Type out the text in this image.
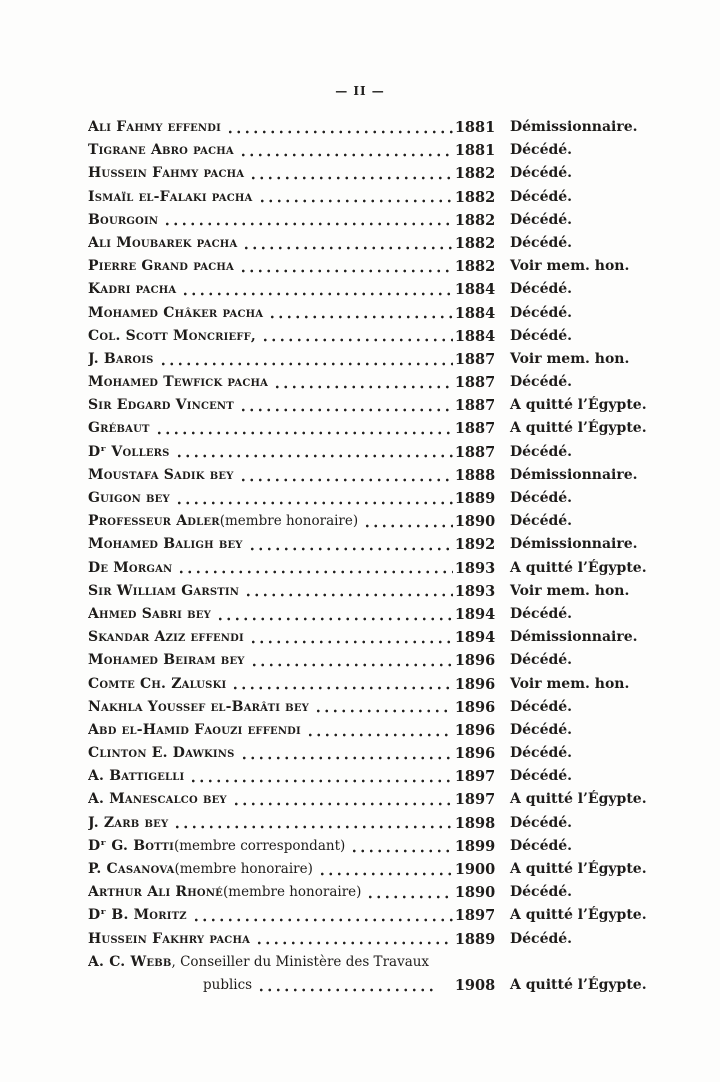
— II —
Ali Fahmy effendi	1881 Démissionnaire.
Tigrane Abro pacha	1881 Décédé.
Hussein Fahmy pacha	1882 Décédé.
Ismaïl el-Falaki pacha	1882 Décédé.
Bourgoin	1882 Décédé.
Ali Moubarek pacha	1882 Décédé.
Pierre Grand pacha	1882 Voir mem. hon.
Kadri pacha	1884 Décédé.
Mohamed Châker pacha	1884 Décédé.
Col. Scott Moncrieff,	1884 Décédé.
J. Barois	1887 Voir mem. hon.
Mohamed Tewfick pacha	1887 Décédé.
Sir Edgard Vincent	1887 A quitté l’Égypte.
Grébaut	1887 A quitté l’Égypte.
Dʳ Vollers	1887 Décédé.
Moustafa Sadik bey	1888 Démissionnaire.
Guigon bey	1889 Décédé.
Professeur Adler (membre honoraire)	1890 Décédé.
Mohamed Baligh bey	1892 Démissionnaire.
De Morgan	1893 A quitté l’Égypte.
Sir William Garstin	1893 Voir mem. hon.
Ahmed Sabri bey	1894 Décédé.
Skandar Aziz effendi	1894 Démissionnaire.
Mohamed Beiram bey	1896 Décédé.
Comte Ch. Zaluski	1896 Voir mem. hon.
Nakhla Youssef el-Barâti bey	1896 Décédé.
Abd el-Hamid Faouzi effendi	1896 Décédé.
Clinton E. Dawkins	1896 Décédé.
A. Battigelli	1897 Décédé.
A. Manescalco bey	1897 A quitté l’Égypte.
J. Zarb bey	1898 Décédé.
Dʳ G. Botti (membre correspondant)	1899 Décédé.
P. Casanova (membre honoraire)	1900 A quitté l’Égypte.
Arthur Ali Rhoné (membre honoraire)	1890 Décédé.
Dʳ B. Moritz	1897 A quitté l’Égypte.
Hussein Fakhry pacha	1889 Décédé.
A. C. Webb , Conseiller du Ministère des Travaux
publics	1908 A quitté l’Égypte.
